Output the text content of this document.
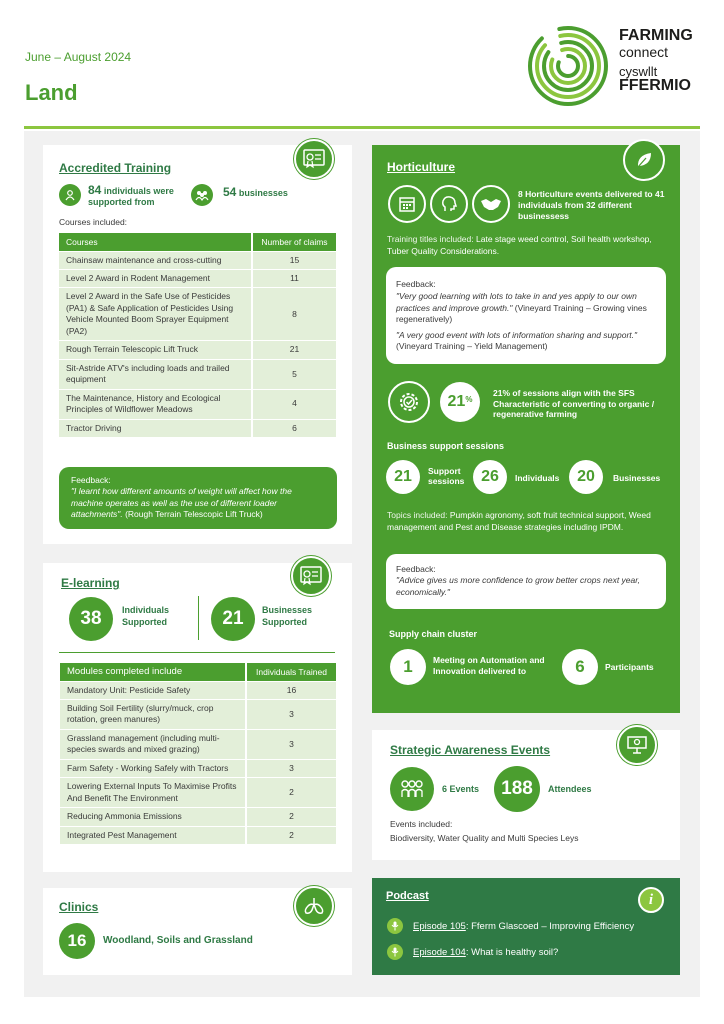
June – August 2024
Land
FARMING
connect
cyswllt
FFERMIO
Accredited Training
84 individuals were supported from
54 businesses
Courses included:
Courses	Number of claims
Chainsaw maintenance and cross-cutting	15
Level 2 Award in Rodent Management	11
Level 2 Award in the Safe Use of Pesticides (PA1) & Safe Application of Pesticides Using Vehicle Mounted Boom Sprayer Equipment (PA2)	8
Rough Terrain Telescopic Lift Truck	21
Sit-Astride ATV's including loads and trailed equipment	5
The Maintenance, History and Ecological Principles of Wildflower Meadows	4
Tractor Driving	6
Feedback:
"I learnt how different amounts of weight will affect how the machine operates as well as the use of different loader attachments". (Rough Terrain Telescopic Lift Truck)
E-learning
38	Individuals Supported	21	Businesses Supported
Modules completed include	Individuals Trained
Mandatory Unit: Pesticide Safety	16
Building Soil Fertility (slurry/muck, crop rotation, green manures)	3
Grassland management (including multi-species swards and mixed grazing)	3
Farm Safety - Working Safely with Tractors	3
Lowering External Inputs To Maximise Profits And Benefit The Environment	2
Reducing Ammonia Emissions	2
Integrated Pest Management	2
Clinics
16	Woodland, Soils and Grassland
Horticulture
8 Horticulture events delivered to 41 individuals from 32 different businessess
Training titles included: Late stage weed control, Soil health workshop, Tuber Quality Considerations.
Feedback:
"Very good learning with lots to take in and yes apply to our own practices and improve growth." (Vineyard Training – Growing vines regeneratively)
"A very good event with lots of information sharing and support."
(Vineyard Training – Yield Management)
21 %
21% of sessions align with the SFS Characteristic of converting to organic / regenerative farming
Business support sessions
21	Support sessions	26	Individuals	20	Businesses
Topics included: Pumpkin agronomy, soft fruit technical support, Weed management and Pest and Disease strategies including IPDM.
Feedback:
"Advice gives us more confidence to grow better crops next year, economically."
Supply chain cluster
1	Meeting on Automation and Innovation delivered to	6	Participants
Strategic Awareness Events
6 Events	188	Attendees
Events included:
Biodiversity, Water Quality and Multi Species Leys
Podcast	i
Episode 105 : Fferm Glascoed – Improving Efficiency
Episode 104 : What is healthy soil?
